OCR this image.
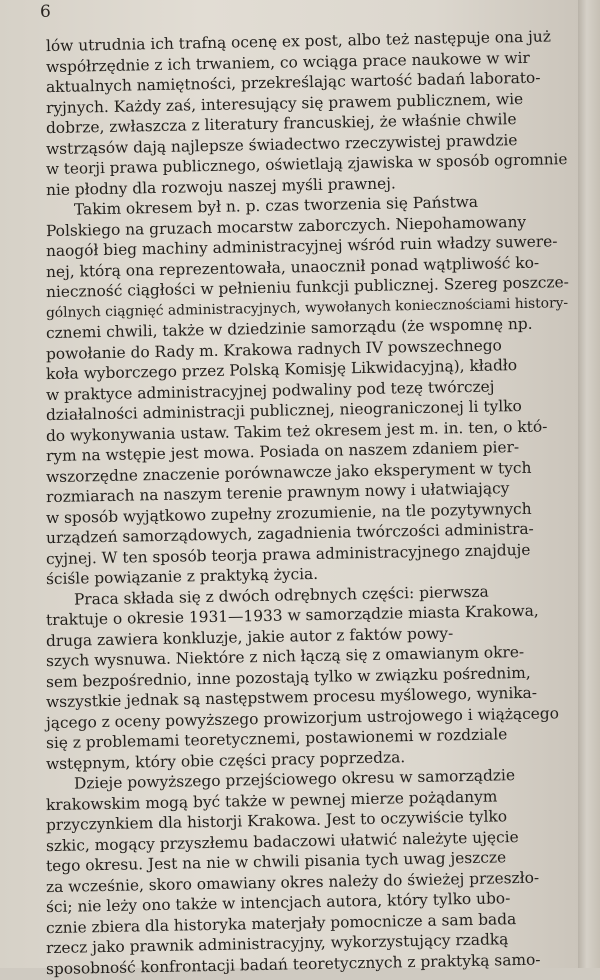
6
lów utrudnia ich trafną ocenę ex post, albo też następuje ona już
współrzędnie z ich trwaniem, co wciąga prace naukowe w wir
aktualnych namiętności, przekreślając wartość badań laborato-
ryjnych. Każdy zaś, interesujący się prawem publicznem, wie
dobrze, zwłaszcza z literatury francuskiej, że właśnie chwile
wstrząsów dają najlepsze świadectwo rzeczywistej prawdzie
w teorji prawa publicznego, oświetlają zjawiska w sposób ogromnie
nie płodny dla rozwoju naszej myśli prawnej.
Takim okresem był n. p. czas tworzenia się Państwa
Polskiego na gruzach mocarstw zaborczych. Niepohamowany
naogół bieg machiny administracyjnej wśród ruin władzy suwere-
nej, którą ona reprezentowała, unaocznił ponad wątpliwość ko-
nieczność ciągłości w pełnieniu funkcji publicznej. Szereg poszcze-
gólnych ciągnięć administracyjnych, wywołanych koniecznościami history-
cznemi chwili, także w dziedzinie samorządu (że wspomnę np.
powołanie do Rady m. Krakowa radnych IV powszechnego
koła wyborczego przez Polską Komisję Likwidacyjną), kładło
w praktyce administracyjnej podwaliny pod tezę twórczej
działalności administracji publicznej, nieograniczonej li tylko
do wykonywania ustaw. Takim też okresem jest m. in. ten, o któ-
rym na wstępie jest mowa. Posiada on naszem zdaniem pier-
wszorzędne znaczenie porównawcze jako eksperyment w tych
rozmiarach na naszym terenie prawnym nowy i ułatwiający
w sposób wyjątkowo zupełny zrozumienie, na tle pozytywnych
urządzeń samorządowych, zagadnienia twórczości administra-
cyjnej. W ten sposób teorja prawa administracyjnego znajduje
ściśle powiązanie z praktyką życia.
Praca składa się z dwóch odrębnych części: pierwsza
traktuje o okresie 1931—1933 w samorządzie miasta Krakowa,
druga zawiera konkluzje, jakie autor z faktów powy-
szych wysnuwa. Niektóre z nich łączą się z omawianym okre-
sem bezpośrednio, inne pozostają tylko w związku pośrednim,
wszystkie jednak są następstwem procesu myślowego, wynika-
jącego z oceny powyższego prowizorjum ustrojowego i wiążącego
się z problemami teoretycznemi, postawionemi w rozdziale
wstępnym, który obie części pracy poprzedza.
Dzieje powyższego przejściowego okresu w samorządzie
krakowskim mogą być także w pewnej mierze pożądanym
przyczynkiem dla historji Krakowa. Jest to oczywiście tylko
szkic, mogący przyszłemu badaczowi ułatwić należyte ujęcie
tego okresu. Jest na nie w chwili pisania tych uwag jeszcze
za wcześnie, skoro omawiany okres należy do świeżej przeszło-
ści; nie leży ono także w intencjach autora, który tylko ubo-
cznie zbiera dla historyka materjały pomocnicze a sam bada
rzecz jako prawnik administracyjny, wykorzystujący rzadką
sposobność konfrontacji badań teoretycznych z praktyką samo-
